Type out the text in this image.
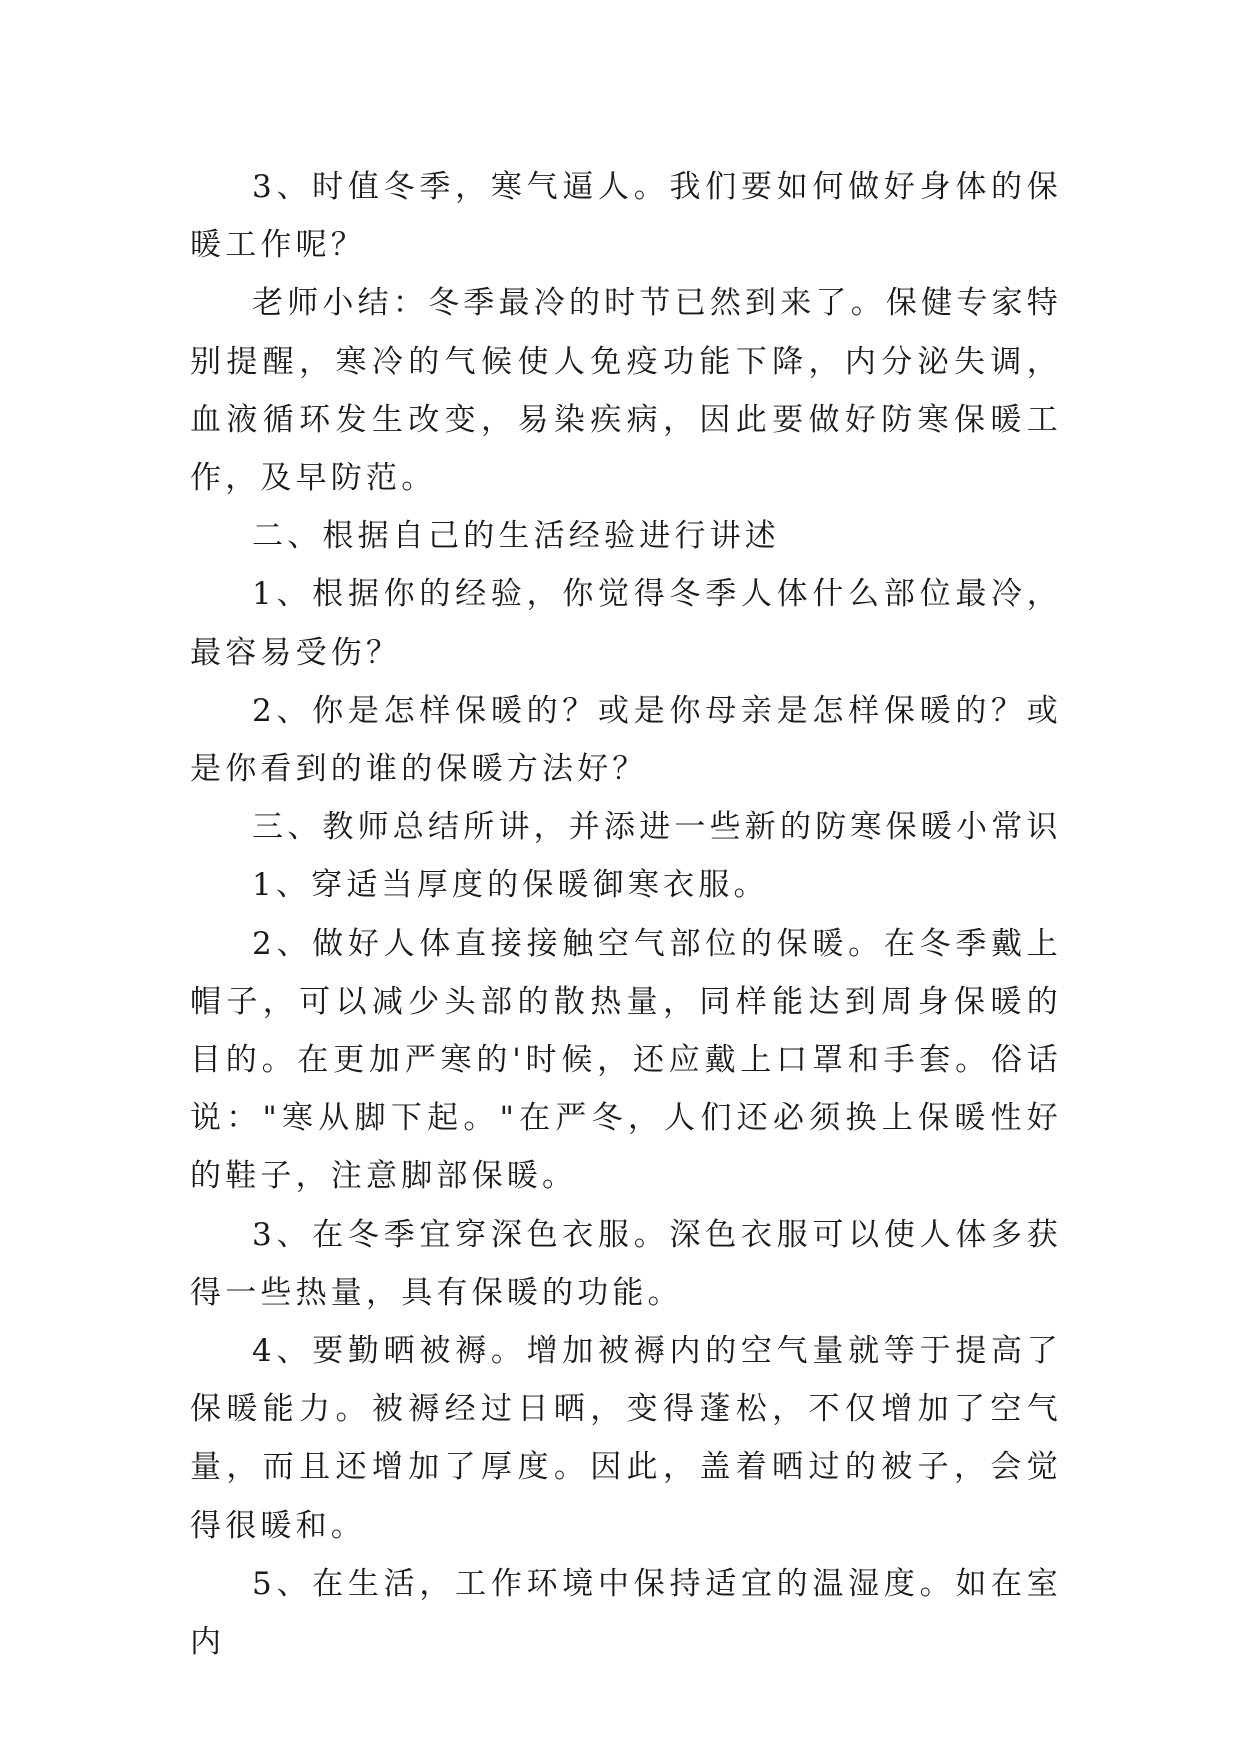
3、时值冬季，寒气逼人。我们要如何做好身体的保暖工作呢？

老师小结：冬季最冷的时节已然到来了。保健专家特别提醒，寒冷的气候使人免疫功能下降，内分泌失调，血液循环发生改变，易染疾病，因此要做好防寒保暖工作，及早防范。

二、根据自己的生活经验进行讲述

1、根据你的经验，你觉得冬季人体什么部位最冷，最容易受伤？

2、你是怎样保暖的？或是你母亲是怎样保暖的？或是你看到的谁的保暖方法好？

三、教师总结所讲，并添进一些新的防寒保暖小常识

1、穿适当厚度的保暖御寒衣服。

2、做好人体直接接触空气部位的保暖。在冬季戴上帽子，可以减少头部的散热量，同样能达到周身保暖的目的。在更加严寒的'时候，还应戴上口罩和手套。俗话说："寒从脚下起。"在严冬，人们还必须换上保暖性好的鞋子，注意脚部保暖。

3、在冬季宜穿深色衣服。深色衣服可以使人体多获得一些热量，具有保暖的功能。

4、要勤晒被褥。增加被褥内的空气量就等于提高了保暖能力。被褥经过日晒，变得蓬松，不仅增加了空气量，而且还增加了厚度。因此，盖着晒过的被子，会觉得很暖和。

5、在生活，工作环境中保持适宜的温湿度。如在室内
